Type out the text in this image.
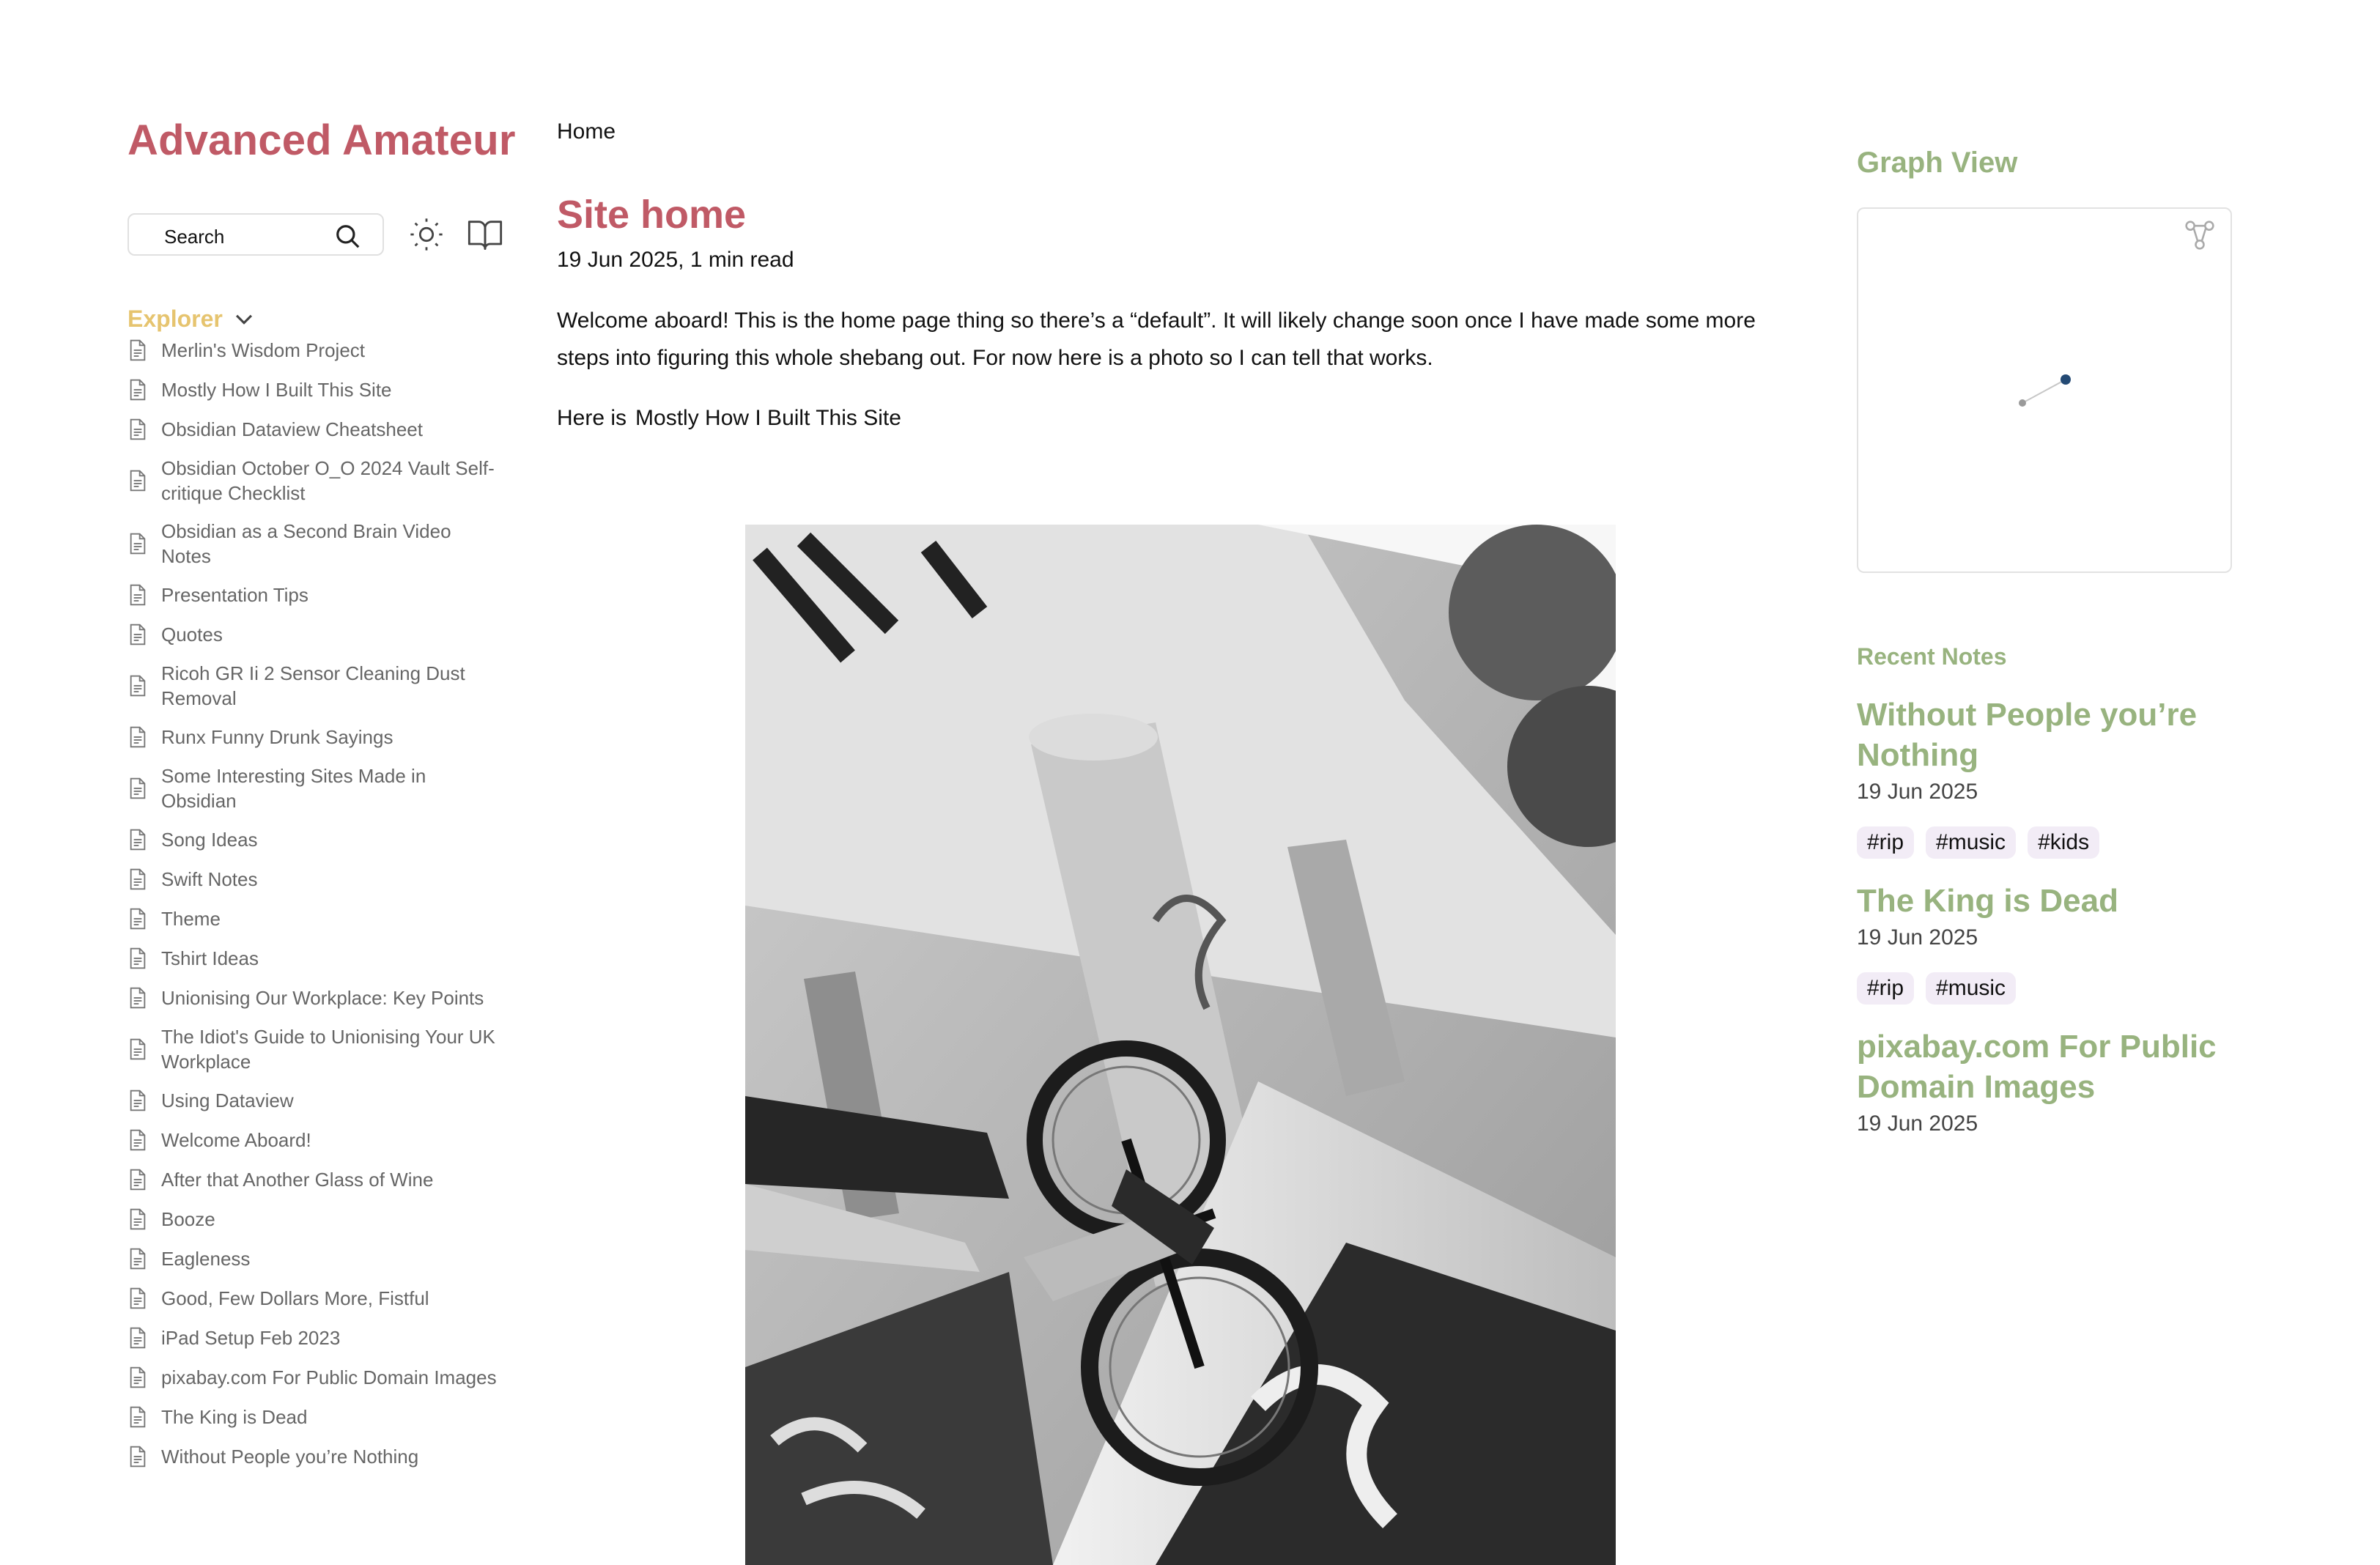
Advanced Amateur
Search
Explorer
Merlin's Wisdom Project
Mostly How I Built This Site
Obsidian Dataview Cheatsheet
Obsidian October O_O 2024 Vault Self-critique Checklist
Obsidian as a Second Brain Video Notes
Presentation Tips
Quotes
Ricoh GR Ii 2 Sensor Cleaning Dust Removal
Runx Funny Drunk Sayings
Some Interesting Sites Made in Obsidian
Song Ideas
Swift Notes
Theme
Tshirt Ideas
Unionising Our Workplace: Key Points
The Idiot's Guide to Unionising Your UK Workplace
Using Dataview
Welcome Aboard!
After that Another Glass of Wine
Booze
Eagleness
Good, Few Dollars More, Fistful
iPad Setup Feb 2023
pixabay.com For Public Domain Images
The King is Dead
Without People you’re Nothing
Home
Site home
19 Jun 2025, 1 min read

Welcome aboard! This is the home page thing so there’s a “default”. It will likely change soon once I have made some more steps into figuring this whole shebang out. For now here is a photo so I can tell that works.

Here is Mostly How I Built This Site

Graph View
Recent Notes
Without People you’re Nothing
19 Jun 2025
#rip	#music	#kids
The King is Dead
19 Jun 2025
#rip	#music
pixabay.com For Public Domain Images
19 Jun 2025
